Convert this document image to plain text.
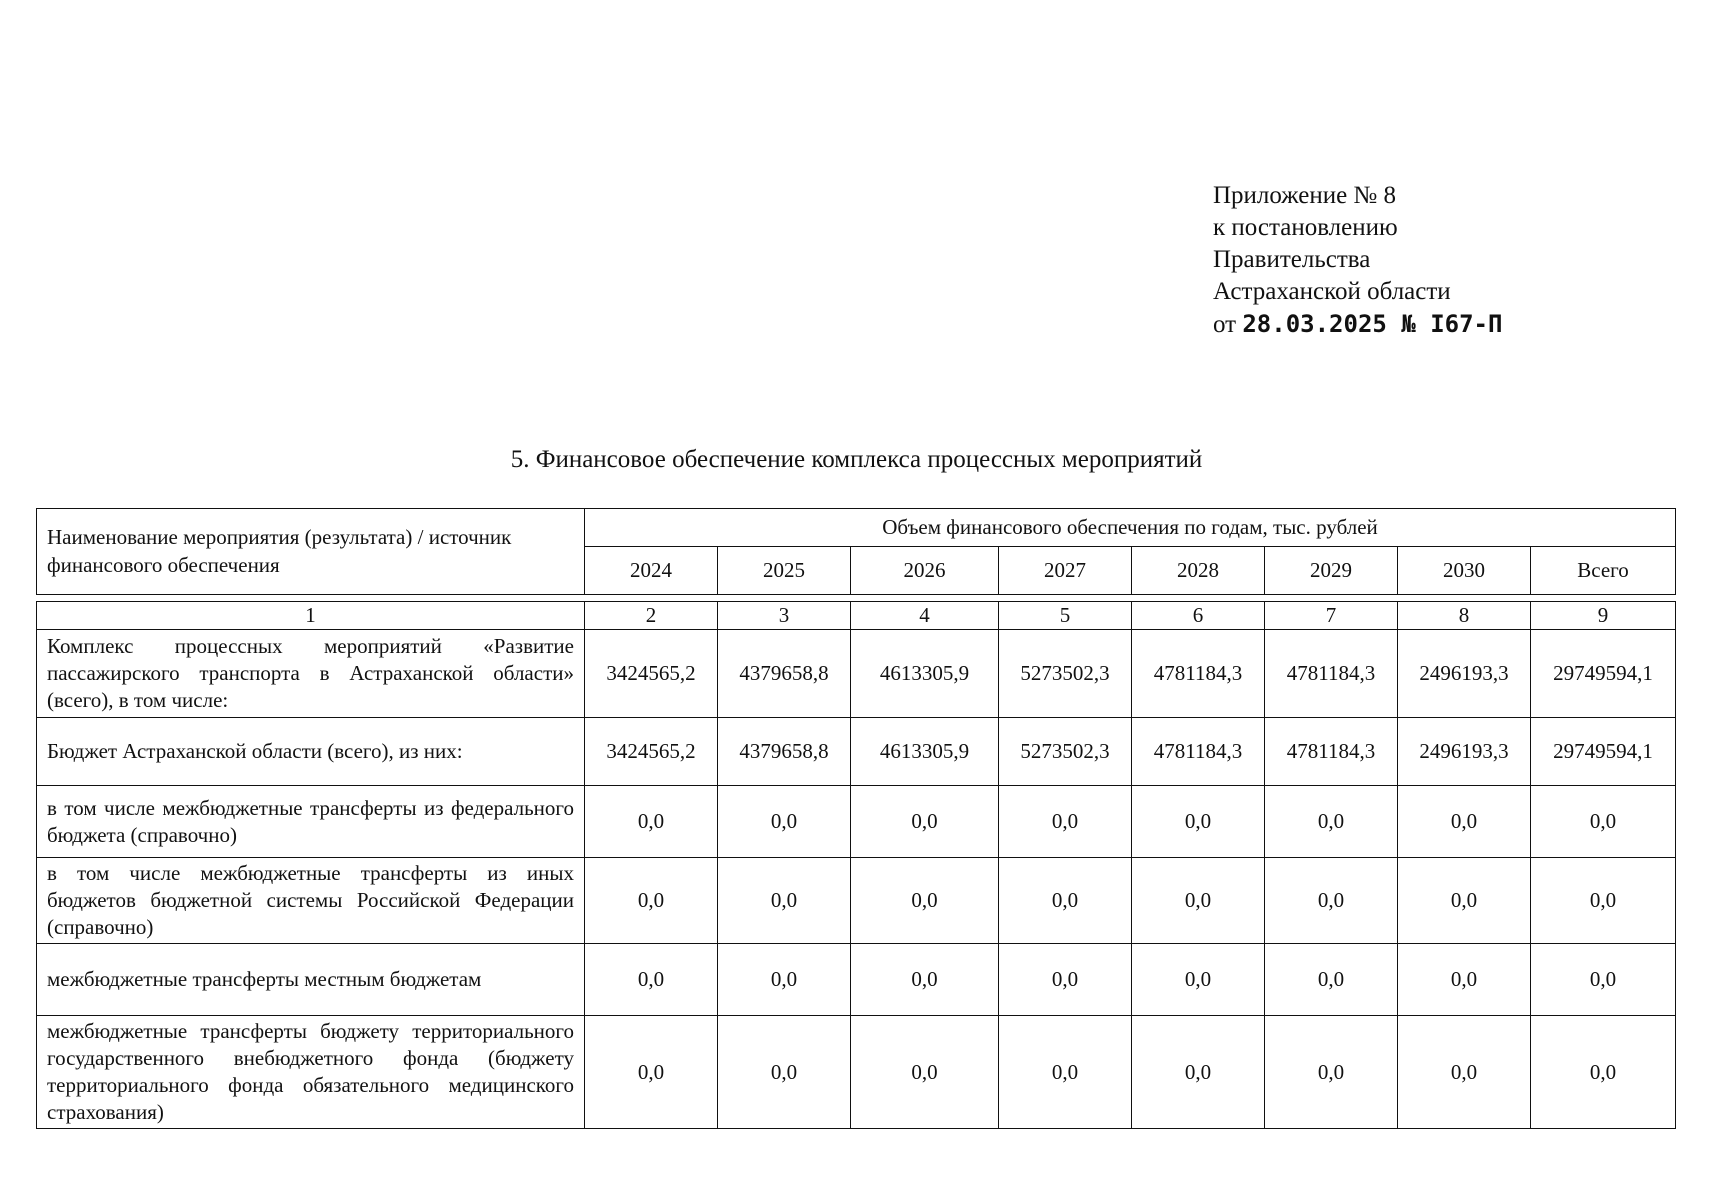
Приложение № 8
к постановлению
Правительства
Астраханской области
от 28.03.2025 № I67-П
5. Финансовое обеспечение комплекса процессных мероприятий
Наименование мероприятия (результата) / источник финансового обеспечения	Объем финансового обеспечения по годам, тыс. рублей							
	2024	2025	2026	2027	2028	2029	2030	Всего

1	2	3	4	5	6	7	8	9
Комплекс процессных мероприятий «Развитие пассажирского транспорта в Астраханской области» (всего), в том числе:	3424565,2	4379658,8	4613305,9	5273502,3	4781184,3	4781184,3	2496193,3	29749594,1
Бюджет Астраханской области (всего), из них:	3424565,2	4379658,8	4613305,9	5273502,3	4781184,3	4781184,3	2496193,3	29749594,1
в том числе межбюджетные трансферты из федерального бюджета (справочно)	0,0	0,0	0,0	0,0	0,0	0,0	0,0	0,0
в том числе межбюджетные трансферты из иных бюджетов бюджетной системы Российской Федерации (справочно)	0,0	0,0	0,0	0,0	0,0	0,0	0,0	0,0
межбюджетные трансферты местным бюджетам	0,0	0,0	0,0	0,0	0,0	0,0	0,0	0,0
межбюджетные трансферты бюджету территориального государственного внебюджетного фонда (бюджету территориального фонда обязательного медицинского страхования)	0,0	0,0	0,0	0,0	0,0	0,0	0,0	0,0
